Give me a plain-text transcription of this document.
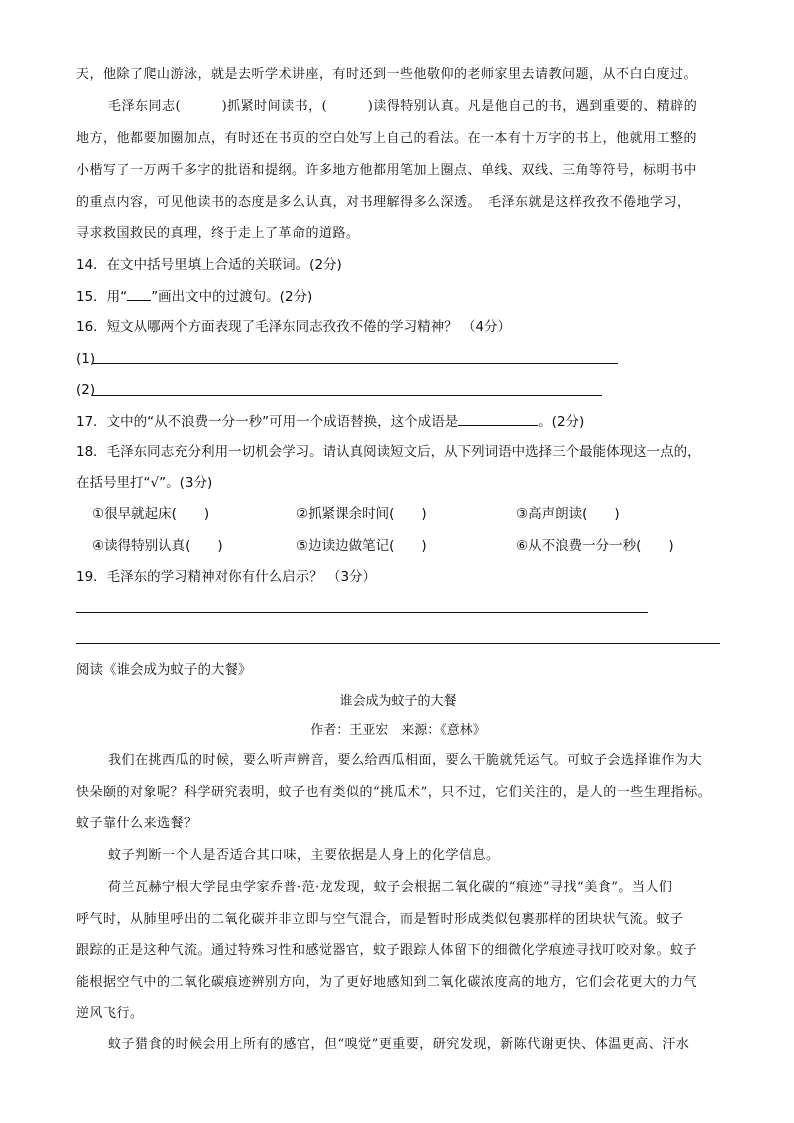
天，他除了爬山游泳，就是去听学术讲座，有时还到一些他敬仰的老师家里去请教问题，从不白白度过。
毛泽东同志(　　　)抓紧时间读书，(　　　)读得特别认真。凡是他自己的书，遇到重要的、精辟的
地方，他都要加圈加点，有时还在书页的空白处写上自己的看法。在一本有十万字的书上，他就用工整的
小楷写了一万两千多字的批语和提纲。许多地方他都用笔加上圈点、单线、双线、三角等符号，标明书中
的重点内容，可见他读书的态度是多么认真，对书理解得多么深透。　毛泽东就是这样孜孜不倦地学习，
寻求救国救民的真理，终于走上了革命的道路。
14．在文中括号里填上合适的关联词。(2分)
15．用“ ”画出文中的过渡句。(2分)
16．短文从哪两个方面表现了毛泽东同志孜孜不倦的学习精神？ （4分）
(1)
(2)
17．文中的“从不浪费一分一秒”可用一个成语替换，这个成语是	。(2分)
18．毛泽东同志充分利用一切机会学习。请认真阅读短文后，从下列词语中选择三个最能体现这一点的，
在括号里打“√”。(3分)
①很早就起床(　　)	②抓紧课余时间(　　)	③高声朗读(　　)
④读得特别认真(　　)	⑤边读边做笔记(　　)	⑥从不浪费一分一秒(　　)
19．毛泽东的学习精神对你有什么启示？ （3分）
阅读《谁会成为蚊子的大餐》
谁会成为蚊子的大餐
作者：王亚宏　来源：《意林》
我们在挑西瓜的时候，要么听声辨音，要么给西瓜相面，要么干脆就凭运气。可蚊子会选择谁作为大
快朵颐的对象呢？科学研究表明，蚊子也有类似的“挑瓜术”，只不过，它们关注的，是人的一些生理指标。
蚊子靠什么来选餐？
蚊子判断一个人是否适合其口味，主要依据是人身上的化学信息。
荷兰瓦赫宁根大学昆虫学家乔普·范·龙发现，蚊子会根据二氧化碳的“痕迹”寻找“美食”。当人们
呼气时，从肺里呼出的二氧化碳并非立即与空气混合，而是暂时形成类似包裹那样的团块状气流。蚊子
跟踪的正是这种气流。通过特殊习性和感觉器官，蚊子跟踪人体留下的细微化学痕迹寻找叮咬对象。蚊子
能根据空气中的二氧化碳痕迹辨别方向，为了更好地感知到二氧化碳浓度高的地方，它们会花更大的力气
逆风飞行。
蚊子猎食的时候会用上所有的感官，但“嗅觉”更重要，研究发现，新陈代谢更快、体温更高、汗水
